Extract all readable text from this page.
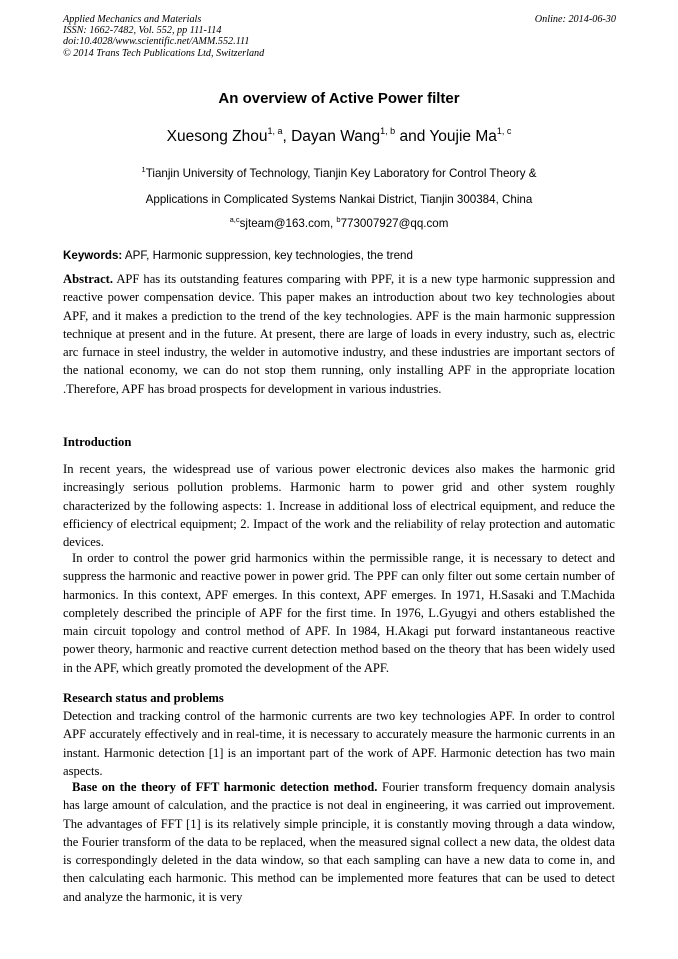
Applied Mechanics and Materials
ISSN: 1662-7482, Vol. 552, pp 111-114
doi:10.4028/www.scientific.net/AMM.552.111
© 2014 Trans Tech Publications Ltd, Switzerland
Online: 2014-06-30
An overview of Active Power filter
Xuesong Zhou$^{1, a}$, Dayan Wang$^{1, b}$ and Youjie Ma$^{1, c}$
$^1$Tianjin University of Technology, Tianjin Key Laboratory for Control Theory &
Applications in Complicated Systems Nankai District, Tianjin 300384, China
$^{a,c}$sjteam@163.com, $^b$773007927@qq.com
Keywords: APF, Harmonic suppression, key technologies, the trend
Abstract. APF has its outstanding features comparing with PPF, it is a new type harmonic suppression and reactive power compensation device. This paper makes an introduction about two key technologies about APF, and it makes a prediction to the trend of the key technologies. APF is the main harmonic suppression technique at present and in the future. At present, there are large of loads in every industry, such as, electric arc furnace in steel industry, the welder in automotive industry, and these industries are important sectors of the national economy, we can do not stop them running, only installing APF in the appropriate location .Therefore, APF has broad prospects for development in various industries.
Introduction
In recent years, the widespread use of various power electronic devices also makes the harmonic grid increasingly serious pollution problems. Harmonic harm to power grid and other system roughly characterized by the following aspects: 1. Increase in additional loss of electrical equipment, and reduce the efficiency of electrical equipment; 2. Impact of the work and the reliability of relay protection and automatic devices.
In order to control the power grid harmonics within the permissible range, it is necessary to detect and suppress the harmonic and reactive power in power grid. The PPF can only filter out some certain number of harmonics. In this context, APF emerges. In this context, APF emerges. In 1971, H.Sasaki and T.Machida completely described the principle of APF for the first time. In 1976, L.Gyugyi and others established the main circuit topology and control method of APF. In 1984, H.Akagi put forward instantaneous reactive power theory, harmonic and reactive current detection method based on the theory that has been widely used in the APF, which greatly promoted the development of the APF.
Research status and problems
Detection and tracking control of the harmonic currents are two key technologies APF. In order to control APF accurately effectively and in real-time, it is necessary to accurately measure the harmonic currents in an instant. Harmonic detection [1] is an important part of the work of APF. Harmonic detection has two main aspects.
Base on the theory of FFT harmonic detection method. Fourier transform frequency domain analysis has large amount of calculation, and the practice is not deal in engineering, it was carried out improvement. The advantages of FFT [1] is its relatively simple principle, it is constantly moving through a data window, the Fourier transform of the data to be replaced, when the measured signal collect a new data, the oldest data is correspondingly deleted in the data window, so that each sampling can have a new data to come in, and then calculating each harmonic. This method can be implemented more features that can be used to detect and analyze the harmonic, it is very
